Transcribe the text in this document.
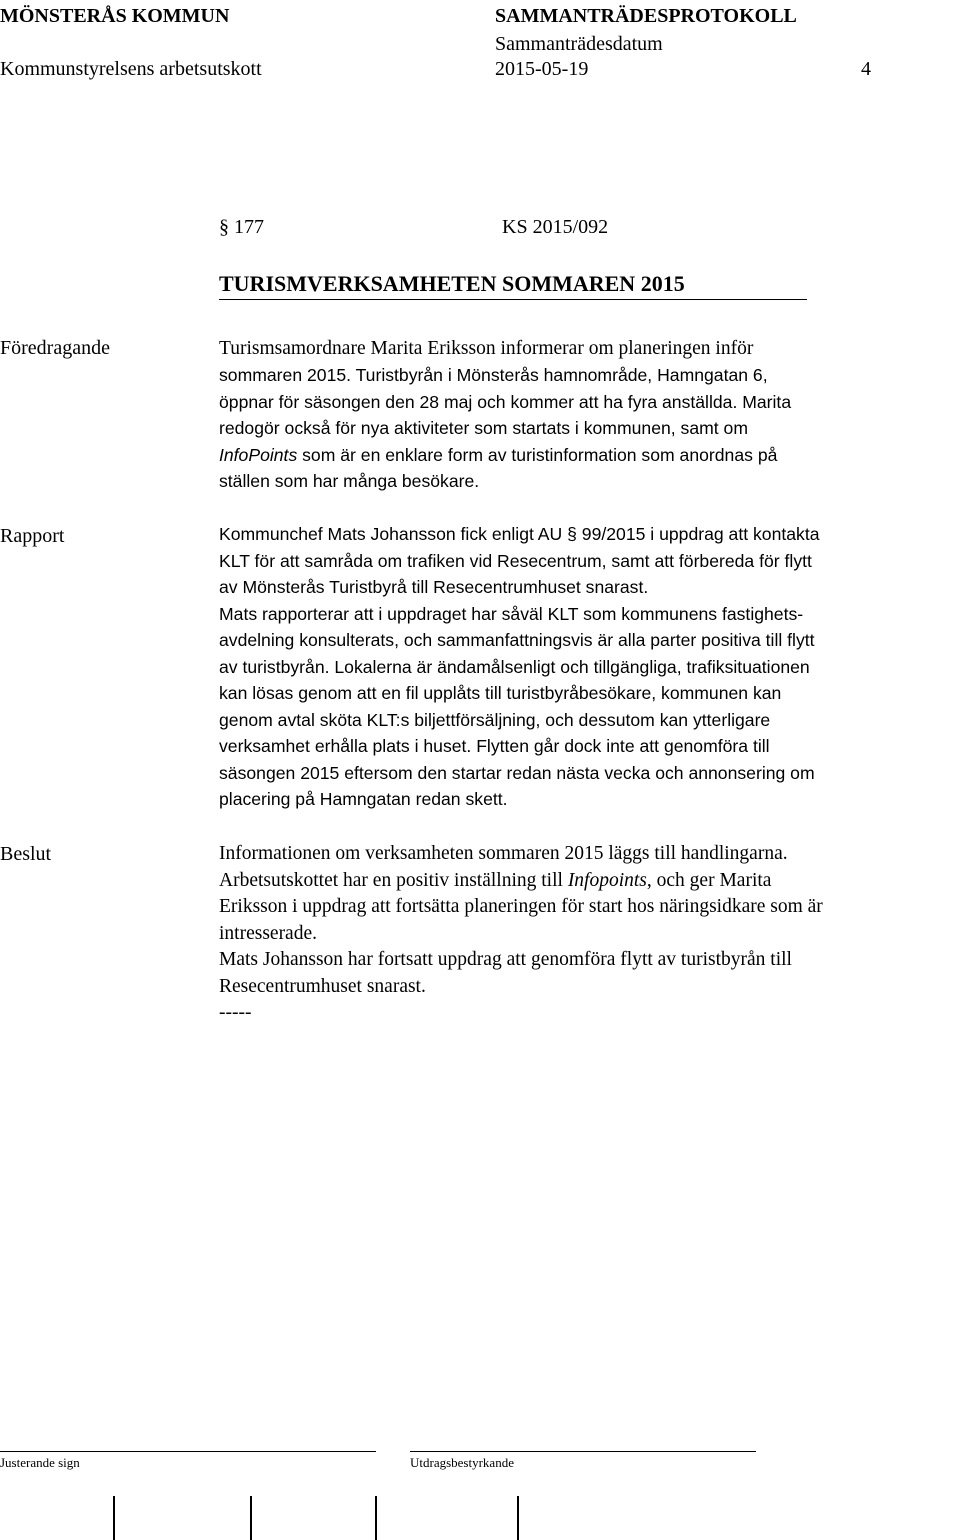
MÖNSTERÅS KOMMUN	SAMMANTRÄDESPROTOKOLL
Sammanträdesdatum
Kommunstyrelsens arbetsutskott	2015-05-19	4
§ 177	KS 2015/092
TURISMVERKSAMHETEN SOMMAREN 2015
Föredragande	Turismsamordnare Marita Eriksson informerar om planeringen inför
sommaren 2015. Turistbyrån i Mönsterås hamnområde, Hamngatan 6,
öppnar för säsongen den 28 maj och kommer att ha fyra anställda. Marita
redogör också för nya aktiviteter som startats i kommunen, samt om
InfoPoints som är en enklare form av turistinformation som anordnas på
ställen som har många besökare.
Rapport	Kommunchef Mats Johansson fick enligt AU § 99/2015 i uppdrag att kontakta
KLT för att samråda om trafiken vid Resecentrum, samt att förbereda för flytt
av Mönsterås Turistbyrå till Resecentrumhuset snarast.
Mats rapporterar att i uppdraget har såväl KLT som kommunens fastighets-
avdelning konsulterats, och sammanfattningsvis är alla parter positiva till flytt
av turistbyrån. Lokalerna är ändamålsenligt och tillgängliga, trafiksituationen
kan lösas genom att en fil upplåts till turistbyråbesökare, kommunen kan
genom avtal sköta KLT:s biljettförsäljning, och dessutom kan ytterligare
verksamhet erhålla plats i huset. Flytten går dock inte att genomföra till
säsongen 2015 eftersom den startar redan nästa vecka och annonsering om
placering på Hamngatan redan skett.
Beslut	Informationen om verksamheten sommaren 2015 läggs till handlingarna.
Arbetsutskottet har en positiv inställning till Infopoints, och ger Marita
Eriksson i uppdrag att fortsätta planeringen för start hos näringsidkare som är
intresserade.
Mats Johansson har fortsatt uppdrag att genomföra flytt av turistbyrån till
Resecentrumhuset snarast.
-----
Justerande sign	Utdragsbestyrkande
